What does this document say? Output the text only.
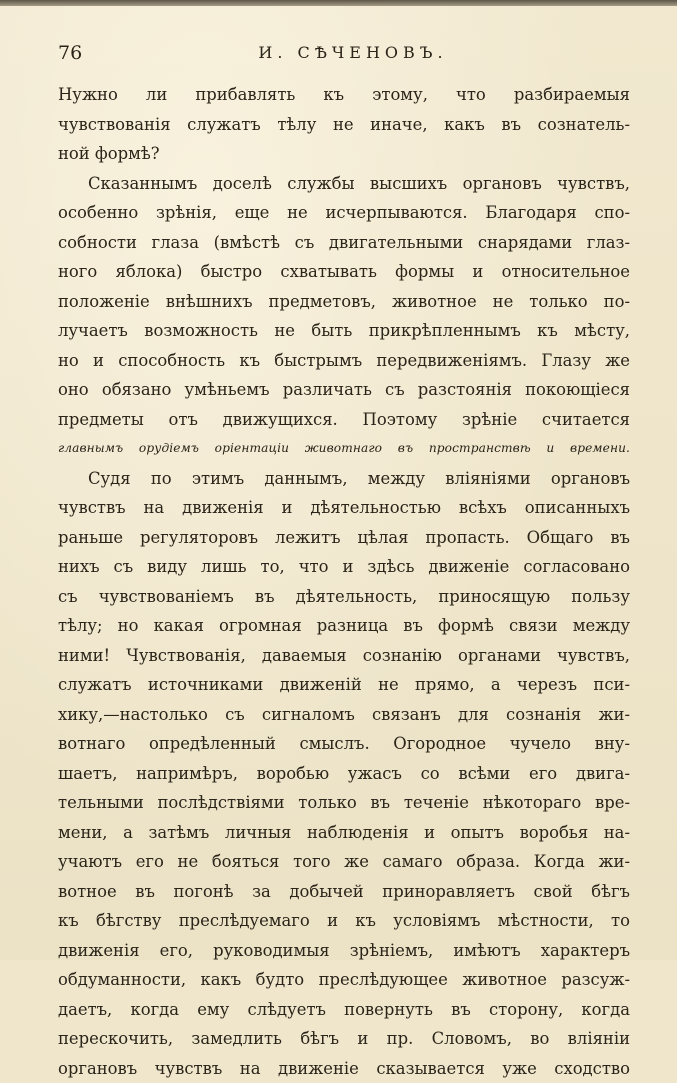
76	И. СѢЧЕНОВЪ.
Нужно ли прибавлять къ этому, что разбираемыя
чувствованія служатъ тѣлу не иначе, какъ въ сознатель-
ной формѣ?
Сказаннымъ доселѣ службы высшихъ органовъ чувствъ,
особенно зрѣнія, еще не исчерпываются. Благодаря спо-
собности глаза (вмѣстѣ съ двигательными снарядами глаз-
ного яблока) быстро схватывать формы и относительное
положеніе внѣшнихъ предметовъ, животное не только по-
лучаетъ возможность не быть прикрѣпленнымъ къ мѣсту,
но и способность къ быстрымъ передвиженіямъ. Глазу же
оно обязано умѣньемъ различать съ разстоянія покоющіеся
предметы отъ движущихся. Поэтому зрѣніе считается
главнымъ орудіемъ оріентаціи животнаго въ пространствѣ и времени.
Судя по этимъ даннымъ, между вліяніями органовъ
чувствъ на движенія и дѣятельностью всѣхъ описанныхъ
раньше регуляторовъ лежитъ цѣлая пропасть. Общаго въ
нихъ съ виду лишь то, что и здѣсь движеніе согласовано
съ чувствованіемъ въ дѣятельность, приносящую пользу
тѣлу; но какая огромная разница въ формѣ связи между
ними! Чувствованія, даваемыя сознанію органами чувствъ,
служатъ источниками движеній не прямо, а черезъ пси-
хику,—настолько съ сигналомъ связанъ для сознанія жи-
вотнаго опредѣленный смыслъ. Огородное чучело вну-
шаетъ, напримѣръ, воробью ужасъ со всѣми его двига-
тельными послѣдствіями только въ теченіе нѣкотораго вре-
мени, а затѣмъ личныя наблюденія и опытъ воробья на-
учаютъ его не бояться того же самаго образа. Когда жи-
вотное въ погонѣ за добычей приноравляетъ свой бѣгъ
къ бѣгству преслѣдуемаго и къ условіямъ мѣстности, то
движенія его, руководимыя зрѣніемъ, имѣютъ характеръ
обдуманности, какъ будто преслѣдующее животное разсуж-
даетъ, когда ему слѣдуетъ повернуть въ сторону, когда
перескочить, замедлить бѣгъ и пр. Словомъ, во вліяніи
органовъ чувствъ на движеніе сказывается уже сходство
